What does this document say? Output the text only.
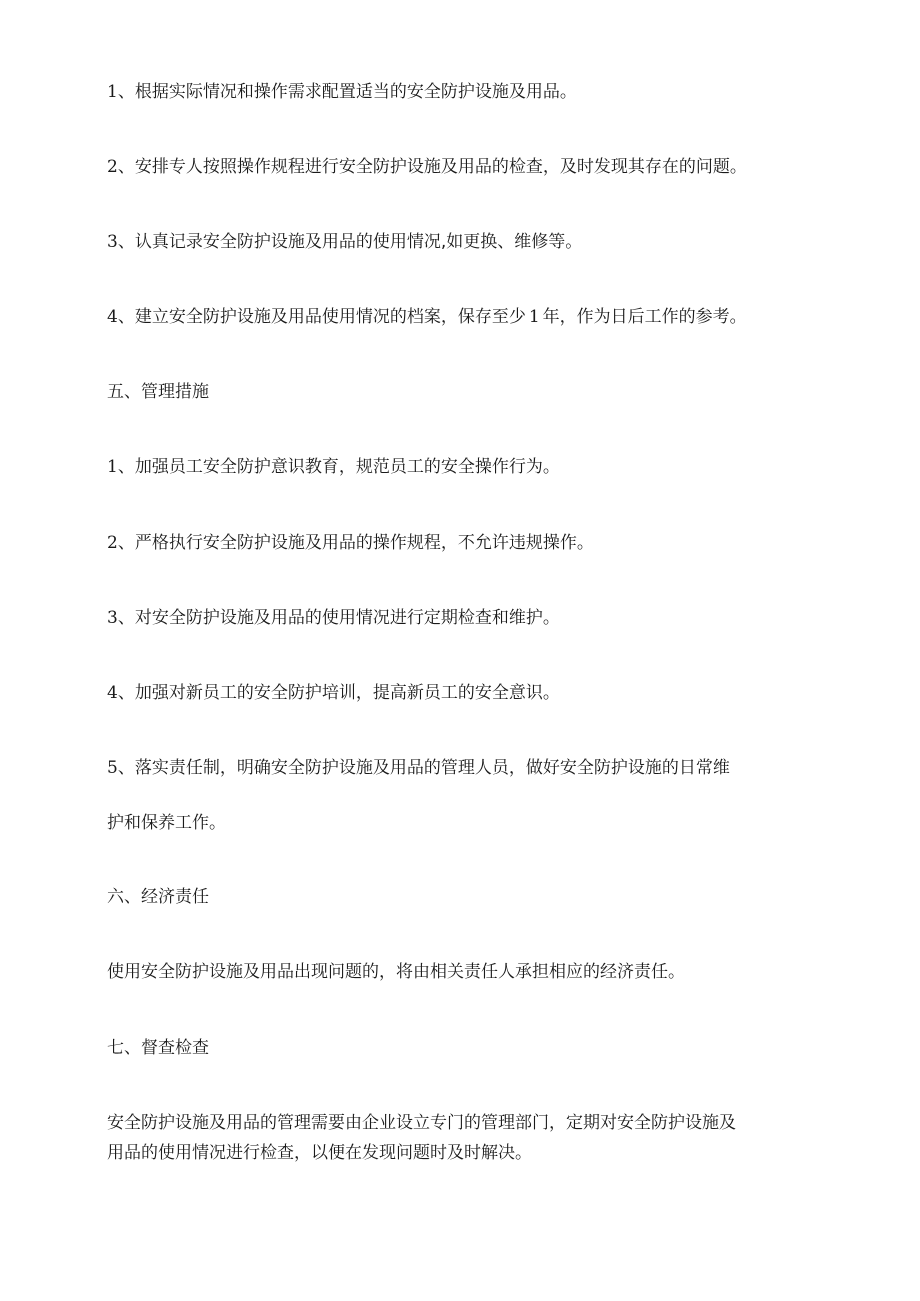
1、根据实际情况和操作需求配置适当的安全防护设施及用品。
2、安排专人按照操作规程进行安全防护设施及用品的检查，及时发现其存在的问题。
3、认真记录安全防护设施及用品的使用情况,如更换、维修等。
4、建立安全防护设施及用品使用情况的档案，保存至少 1 年，作为日后工作的参考。
五、管理措施
1、加强员工安全防护意识教育，规范员工的安全操作行为。
2、严格执行安全防护设施及用品的操作规程，不允许违规操作。
3、对安全防护设施及用品的使用情况进行定期检查和维护。
4、加强对新员工的安全防护培训，提高新员工的安全意识。
5、落实责任制，明确安全防护设施及用品的管理人员，做好安全防护设施的日常维
护和保养工作。
六、经济责任
使用安全防护设施及用品出现问题的，将由相关责任人承担相应的经济责任。
七、督查检查
安全防护设施及用品的管理需要由企业设立专门的管理部门，定期对安全防护设施及
用品的使用情况进行检查，以便在发现问题时及时解决。
